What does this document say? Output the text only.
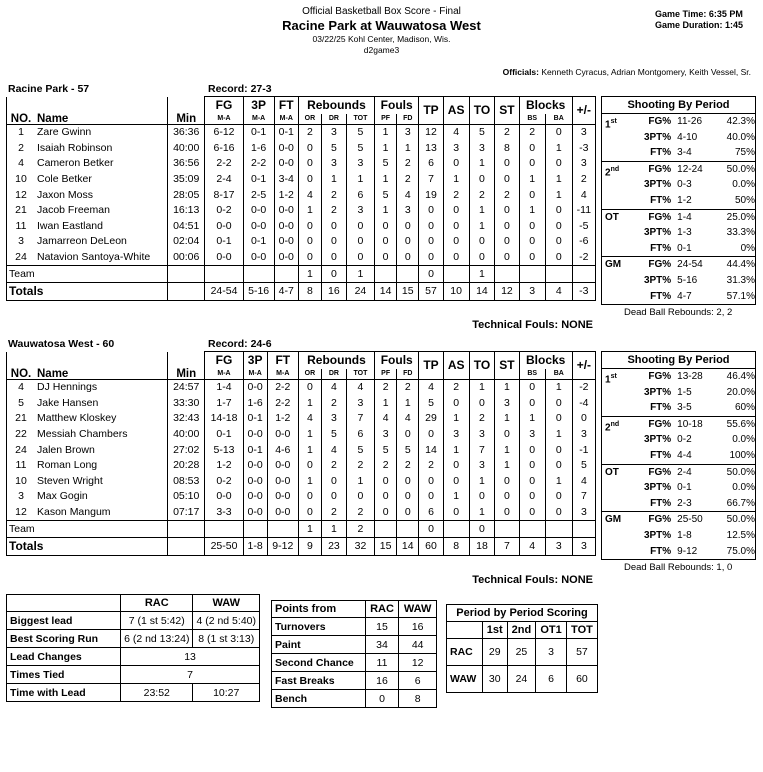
Official Basketball Box Score - Final
Racine Park at Wauwatosa West
03/22/25 Kohl Center, Madison, Wis.
d2game3
Game Time: 6:35 PM
Game Duration: 1:45
Officials: Kenneth Cyracus, Adrian Montgomery, Keith Vessel, Sr.
Racine Park - 57	Record: 27-3
			FG	3P	FT	Rebounds			Fouls		TP	AS	TO	ST	Blocks		+/-
NO.	Name	Min	M-A	M-A	M-A	OR	DR	TOT	PF	FD					BS	BA	
1	Zare Gwinn	36:36	6-12	0-1	0-1	2	3	5	1	3	12	4	5	2	2	0	3
2	Isaiah Robinson	40:00	6-16	1-6	0-0	0	5	5	1	1	13	3	3	8	0	1	-3
4	Cameron Betker	36:56	2-2	2-2	0-0	0	3	3	5	2	6	0	1	0	0	0	3
10	Cole Betker	35:09	2-4	0-1	3-4	0	1	1	1	2	7	1	0	0	1	1	2
12	Jaxon Moss	28:05	8-17	2-5	1-2	4	2	6	5	4	19	2	2	2	0	1	4
21	Jacob Freeman	16:13	0-2	0-0	0-0	1	2	3	1	3	0	0	1	0	1	0	-11
11	Iwan Eastland	04:51	0-0	0-0	0-0	0	0	0	0	0	0	0	1	0	0	0	-5
3	Jamarreon DeLeon	02:04	0-1	0-1	0-0	0	0	0	0	0	0	0	0	0	0	0	-6
24	Natavion Santoya-White	00:06	0-0	0-0	0-0	0	0	0	0	0	0	0	0	0	0	0	-2
Team						1	0	1			0		1				
Totals			24-54	5-16	4-7	8	16	24	14	15	57	10	14	12	3	4	-3
Technical Fouls: NONE
Shooting By Period
1st	FG% 11-26	42.3%
3PT% 4-10	40.0%
FT% 3-4	75%
2nd	FG% 12-24	50.0%
3PT% 0-3	0.0%
FT% 1-2	50%
OT	FG% 1-4	25.0%
3PT% 1-3	33.3%
FT% 0-1	0%
GM	FG% 24-54	44.4%
3PT% 5-16	31.3%
FT% 4-7	57.1%
Dead Ball Rebounds: 2, 2
Wauwatosa West - 60	Record: 24-6
			FG	3P	FT	Rebounds			Fouls		TP	AS	TO	ST	Blocks		+/-
NO.	Name	Min	M-A	M-A	M-A	OR	DR	TOT	PF	FD					BS	BA	
4	DJ Hennings	24:57	1-4	0-0	2-2	0	4	4	2	2	4	2	1	1	0	1	-2
5	Jake Hansen	33:30	1-7	1-6	2-2	1	2	3	1	1	5	0	0	3	0	0	-4
21	Matthew Kloskey	32:43	14-18	0-1	1-2	4	3	7	4	4	29	1	2	1	1	0	0
22	Messiah Chambers	40:00	0-1	0-0	0-0	1	5	6	3	0	0	3	3	0	3	1	3
24	Jalen Brown	27:02	5-13	0-1	4-6	1	4	5	5	5	14	1	7	1	0	0	-1
11	Roman Long	20:28	1-2	0-0	0-0	0	2	2	2	2	2	0	3	1	0	0	5
10	Steven Wright	08:53	0-2	0-0	0-0	1	0	1	0	0	0	0	1	0	0	1	4
3	Max Gogin	05:10	0-0	0-0	0-0	0	0	0	0	0	0	1	0	0	0	0	7
12	Kason Mangum	07:17	3-3	0-0	0-0	0	2	2	0	0	6	0	1	0	0	0	3
Team						1	1	2			0		0				
Totals			25-50	1-8	9-12	9	23	32	15	14	60	8	18	7	4	3	3
Technical Fouls: NONE
Shooting By Period
1st	FG% 13-28	46.4%
3PT% 1-5	20.0%
FT% 3-5	60%
2nd	FG% 10-18	55.6%
3PT% 0-2	0.0%
FT% 4-4	100%
OT	FG% 2-4	50.0%
3PT% 0-1	0.0%
FT% 2-3	66.7%
GM	FG% 25-50	50.0%
3PT% 1-8	12.5%
FT% 9-12	75.0%
Dead Ball Rebounds: 1, 0
	RAC	WAW
Biggest lead	7 (1 st 5:42)	4 (2 nd 5:40)
Best Scoring Run	6 (2 nd 13:24)	8 (1 st 3:13)
Lead Changes	13	
Times Tied	7	
Time with Lead	23:52	10:27
Points from	RAC	WAW
Turnovers	15	16
Paint	34	44
Second Chance	11	12
Fast Breaks	16	6
Bench	0	8
Period by Period Scoring				
	1st	2nd	OT1	TOT
RAC	29	25	3	57
WAW	30	24	6	60
